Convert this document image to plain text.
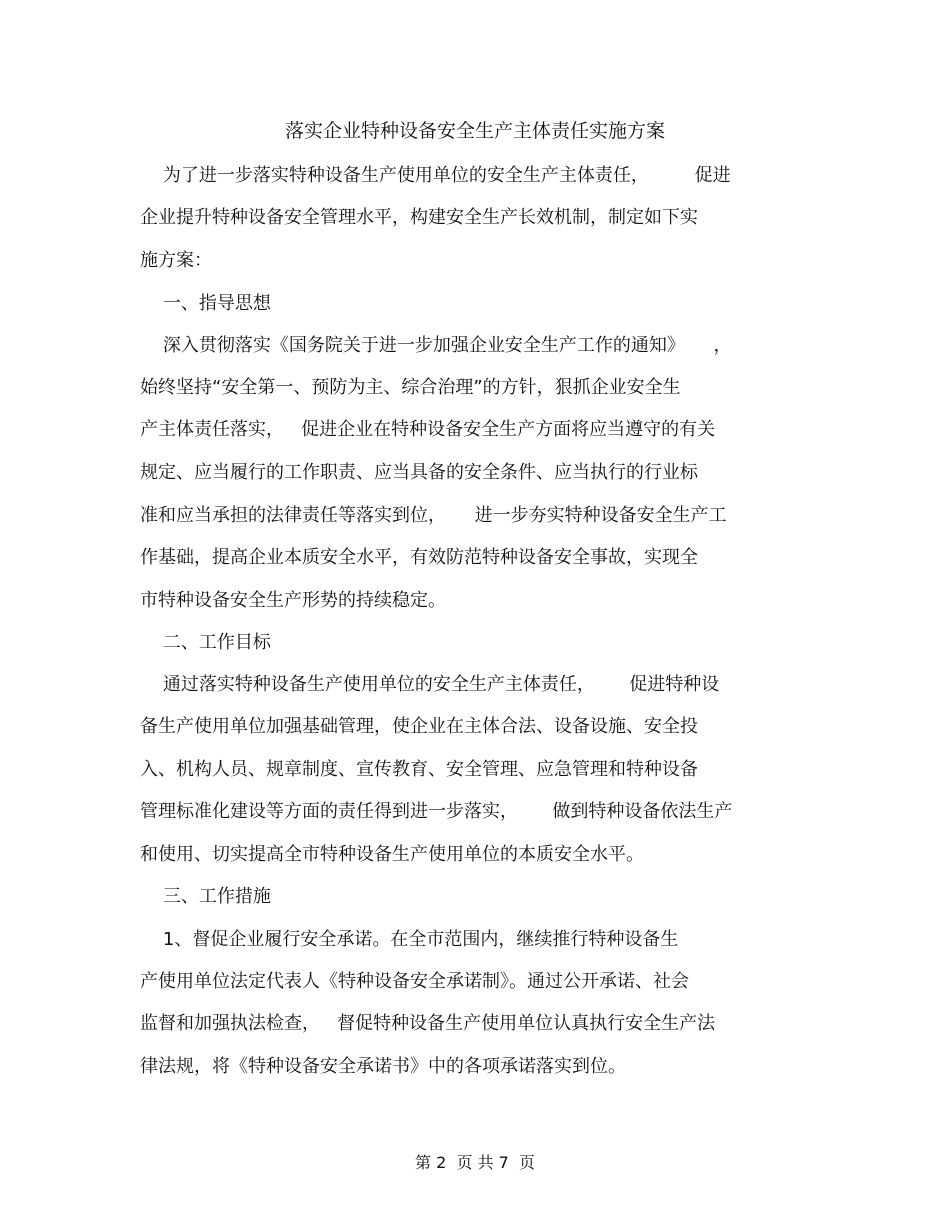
落实企业特种设备安全生产主体责任实施方案

为了进一步落实特种设备生产使用单位的安全生产主体责任，        促进

企业提升特种设备安全管理水平，构建安全生产长效机制，制定如下实

施方案：

一、指导思想

深入贯彻落实《国务院关于进一步加强企业安全生产工作的通知》     ，

始终坚持“安全第一、预防为主、综合治理”的方针，狠抓企业安全生

产主体责任落实，   促进企业在特种设备安全生产方面将应当遵守的有关

规定、应当履行的工作职责、应当具备的安全条件、应当执行的行业标

准和应当承担的法律责任等落实到位，     进一步夯实特种设备安全生产工

作基础，提高企业本质安全水平，有效防范特种设备安全事故，实现全

市特种设备安全生产形势的持续稳定。

二、工作目标

通过落实特种设备生产使用单位的安全生产主体责任，      促进特种设

备生产使用单位加强基础管理，使企业在主体合法、设备设施、安全投

入、机构人员、规章制度、宣传教育、安全管理、应急管理和特种设备

管理标准化建设等方面的责任得到进一步落实，      做到特种设备依法生产

和使用、切实提高全市特种设备生产使用单位的本质安全水平。

三、工作措施

1、督促企业履行安全承诺。在全市范围内，继续推行特种设备生

产使用单位法定代表人《特种设备安全承诺制》。通过公开承诺、社会

监督和加强执法检查，   督促特种设备生产使用单位认真执行安全生产法

律法规，将《特种设备安全承诺书》中的各项承诺落实到位。

第 2  页 共 7  页
